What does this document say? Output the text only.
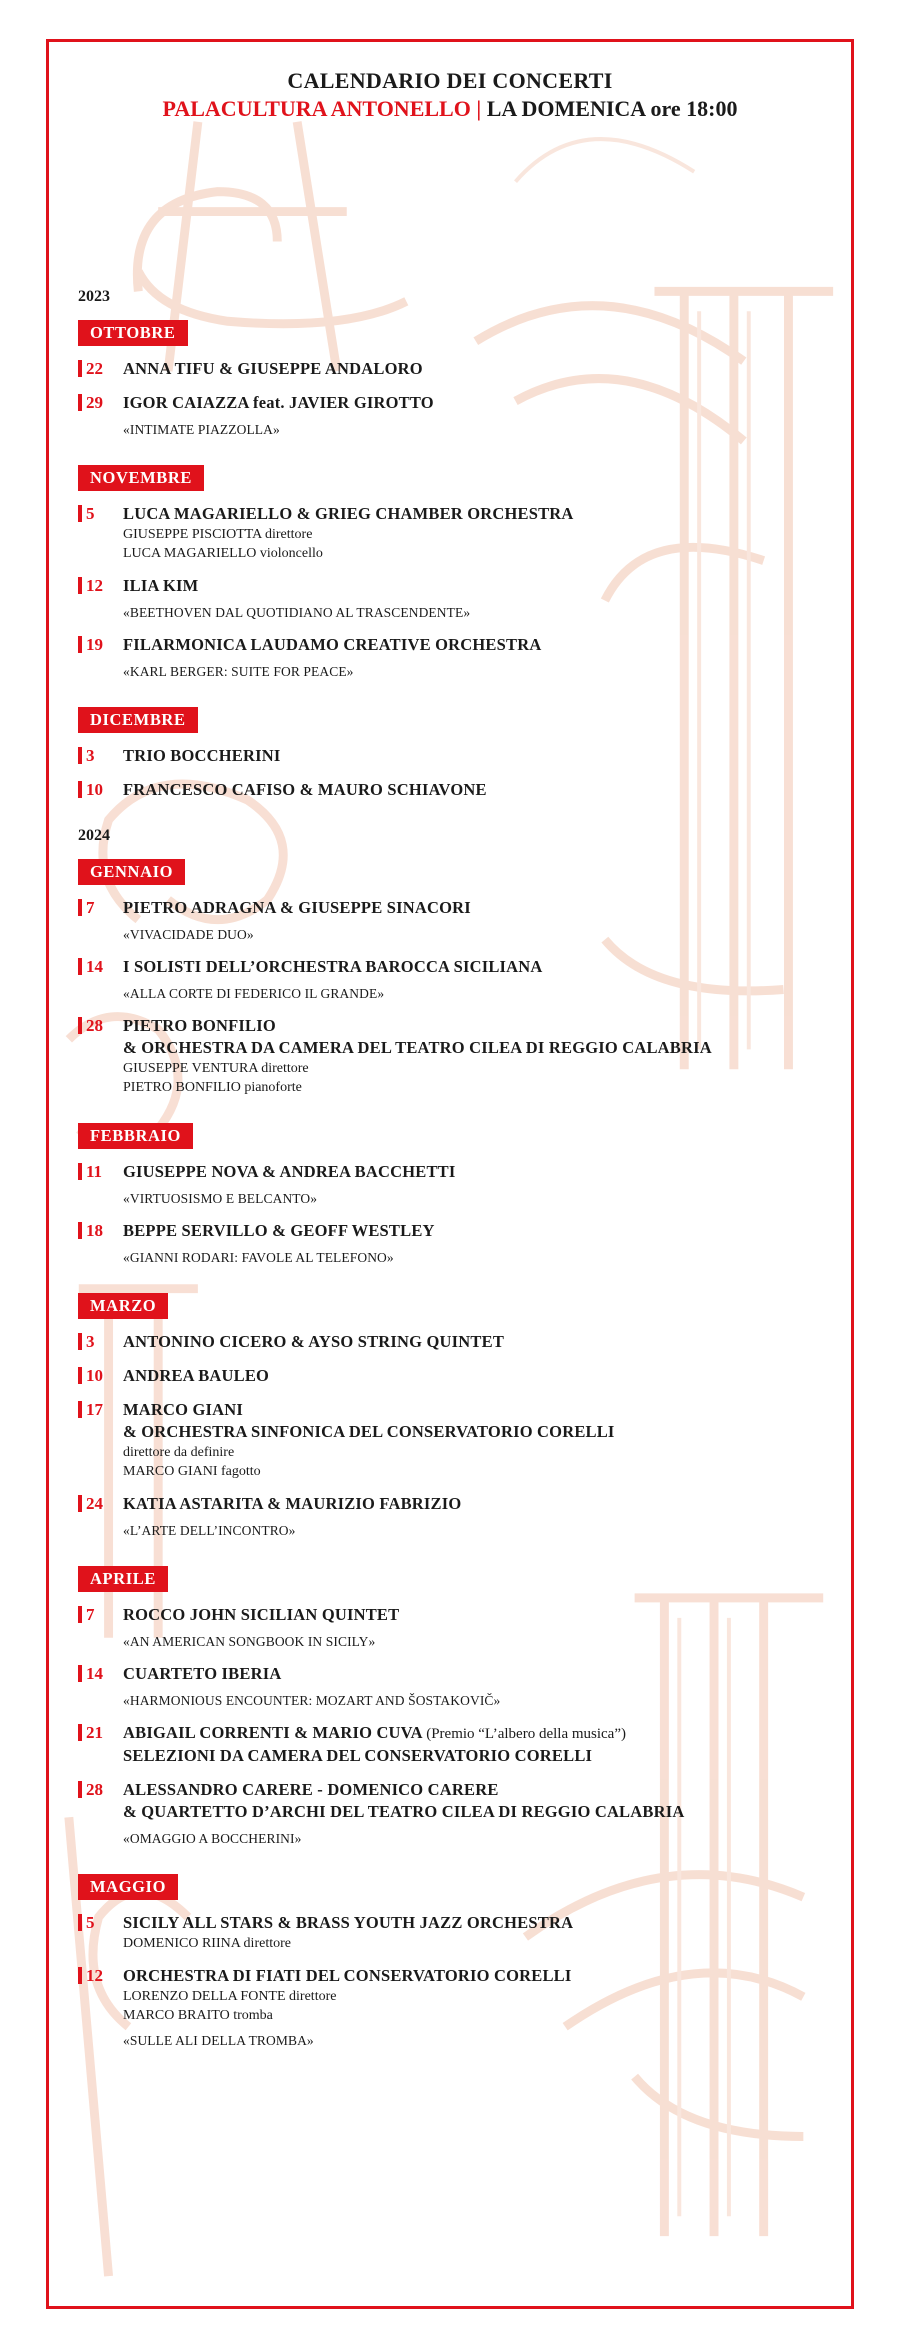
CALENDARIO DEI CONCERTI
PALACULTURA ANTONELLO | LA DOMENICA ore 18:00
2023
OTTOBRE
22 ANNA TIFU & GIUSEPPE ANDALORO
29 IGOR CAIAZZA feat. JAVIER GIROTTO
«INTIMATE PIAZZOLLA»
NOVEMBRE
5 LUCA MAGARIELLO & GRIEG CHAMBER ORCHESTRA
GIUSEPPE PISCIOTTA direttore
LUCA MAGARIELLO violoncello
12 ILIA KIM
«BEETHOVEN DAL QUOTIDIANO AL TRASCENDENTE»
19 FILARMONICA LAUDAMO CREATIVE ORCHESTRA
«KARL BERGER: SUITE FOR PEACE»
DICEMBRE
3 TRIO BOCCHERINI
10 FRANCESCO CAFISO & MAURO SCHIAVONE
2024
GENNAIO
7 PIETRO ADRAGNA & GIUSEPPE SINACORI
«VIVACIDADE DUO»
14 I SOLISTI DELL’ORCHESTRA BAROCCA SICILIANA
«ALLA CORTE DI FEDERICO IL GRANDE»
28 PIETRO BONFILIO
& ORCHESTRA DA CAMERA DEL TEATRO CILEA DI REGGIO CALABRIA
GIUSEPPE VENTURA direttore
PIETRO BONFILIO pianoforte
FEBBRAIO
11 GIUSEPPE NOVA & ANDREA BACCHETTI
«VIRTUOSISMO E BELCANTO»
18 BEPPE SERVILLO & GEOFF WESTLEY
«GIANNI RODARI: FAVOLE AL TELEFONO»
MARZO
3 ANTONINO CICERO & AYSO STRING QUINTET
10 ANDREA BAULEO
17 MARCO GIANI
& ORCHESTRA SINFONICA DEL CONSERVATORIO CORELLI
direttore da definire
MARCO GIANI fagotto
24 KATIA ASTARITA & MAURIZIO FABRIZIO
«L’ARTE DELL’INCONTRO»
APRILE
7 ROCCO JOHN SICILIAN QUINTET
«AN AMERICAN SONGBOOK IN SICILY»
14 CUARTETO IBERIA
«HARMONIOUS ENCOUNTER: MOZART AND ŠOSTAKOVIČ»
21 ABIGAIL CORRENTI & MARIO CUVA (Premio “L’albero della musica”)
SELEZIONI DA CAMERA DEL CONSERVATORIO CORELLI
28 ALESSANDRO CARERE - DOMENICO CARERE
& QUARTETTO D’ARCHI DEL TEATRO CILEA DI REGGIO CALABRIA
«OMAGGIO A BOCCHERINI»
MAGGIO
5 SICILY ALL STARS & BRASS YOUTH JAZZ ORCHESTRA
DOMENICO RIINA direttore
12 ORCHESTRA DI FIATI DEL CONSERVATORIO CORELLI
LORENZO DELLA FONTE direttore
MARCO BRAITO tromba
«SULLE ALI DELLA TROMBA»
